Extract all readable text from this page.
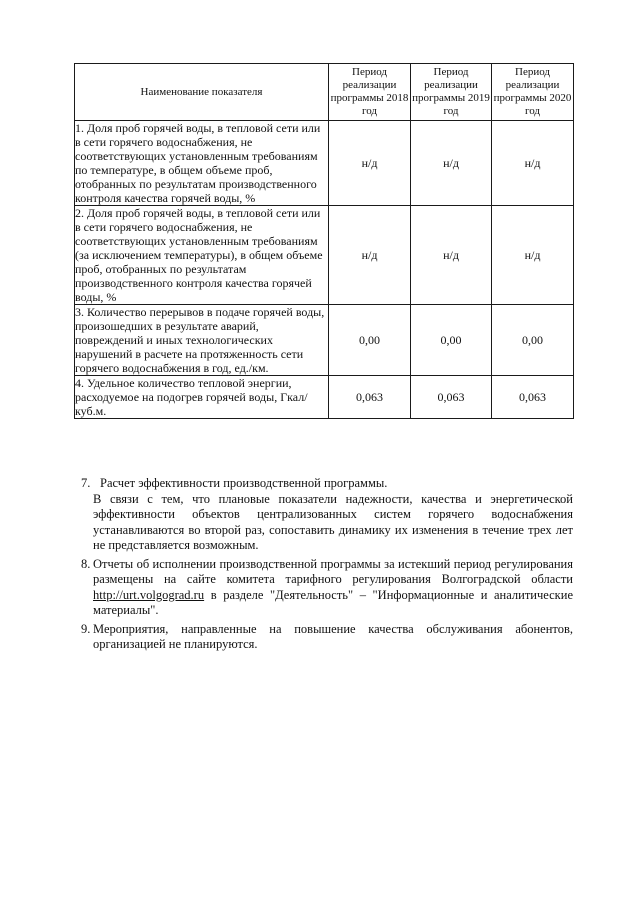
Наименование показателя	Период реализации программы 2018 год	Период реализации программы 2019 год	Период реализации программы 2020 год
1. Доля проб горячей воды, в тепловой сети или в сети горячего водоснабжения, не соответствующих установленным требованиям по температуре, в общем объеме проб, отобранных по результатам производственного контроля качества горячей воды, %	н/д	н/д	н/д
2. Доля проб горячей воды, в тепловой сети или в сети горячего водоснабжения, не соответствующих установленным требованиям (за исключением температуры), в общем объеме проб, отобранных по результатам производственного контроля качества горячей воды, %	н/д	н/д	н/д
3. Количество перерывов в подаче горячей воды, произошедших в результате аварий, повреждений и иных технологических нарушений в расчете на протяженность сети горячего водоснабжения в год, ед./км.	0,00	0,00	0,00
4. Удельное количество тепловой энергии, расходуемое на подогрев горячей воды, Гкал/куб.м.	0,063	0,063	0,063
7. Расчет эффективности производственной программы.
В связи с тем, что плановые показатели надежности, качества и энергетической эффективности объектов централизованных систем горячего водоснабжения устанавливаются во второй раз, сопоставить динамику их изменения в течение трех лет не представляется возможным.
8. Отчеты об исполнении производственной программы за истекший период регулирования размещены на сайте комитета тарифного регулирования Волгоградской области http://urt.volgograd.ru в разделе "Деятельность" – "Информационные и аналитические материалы".
9. Мероприятия, направленные на повышение качества обслуживания абонентов, организацией не планируются.
